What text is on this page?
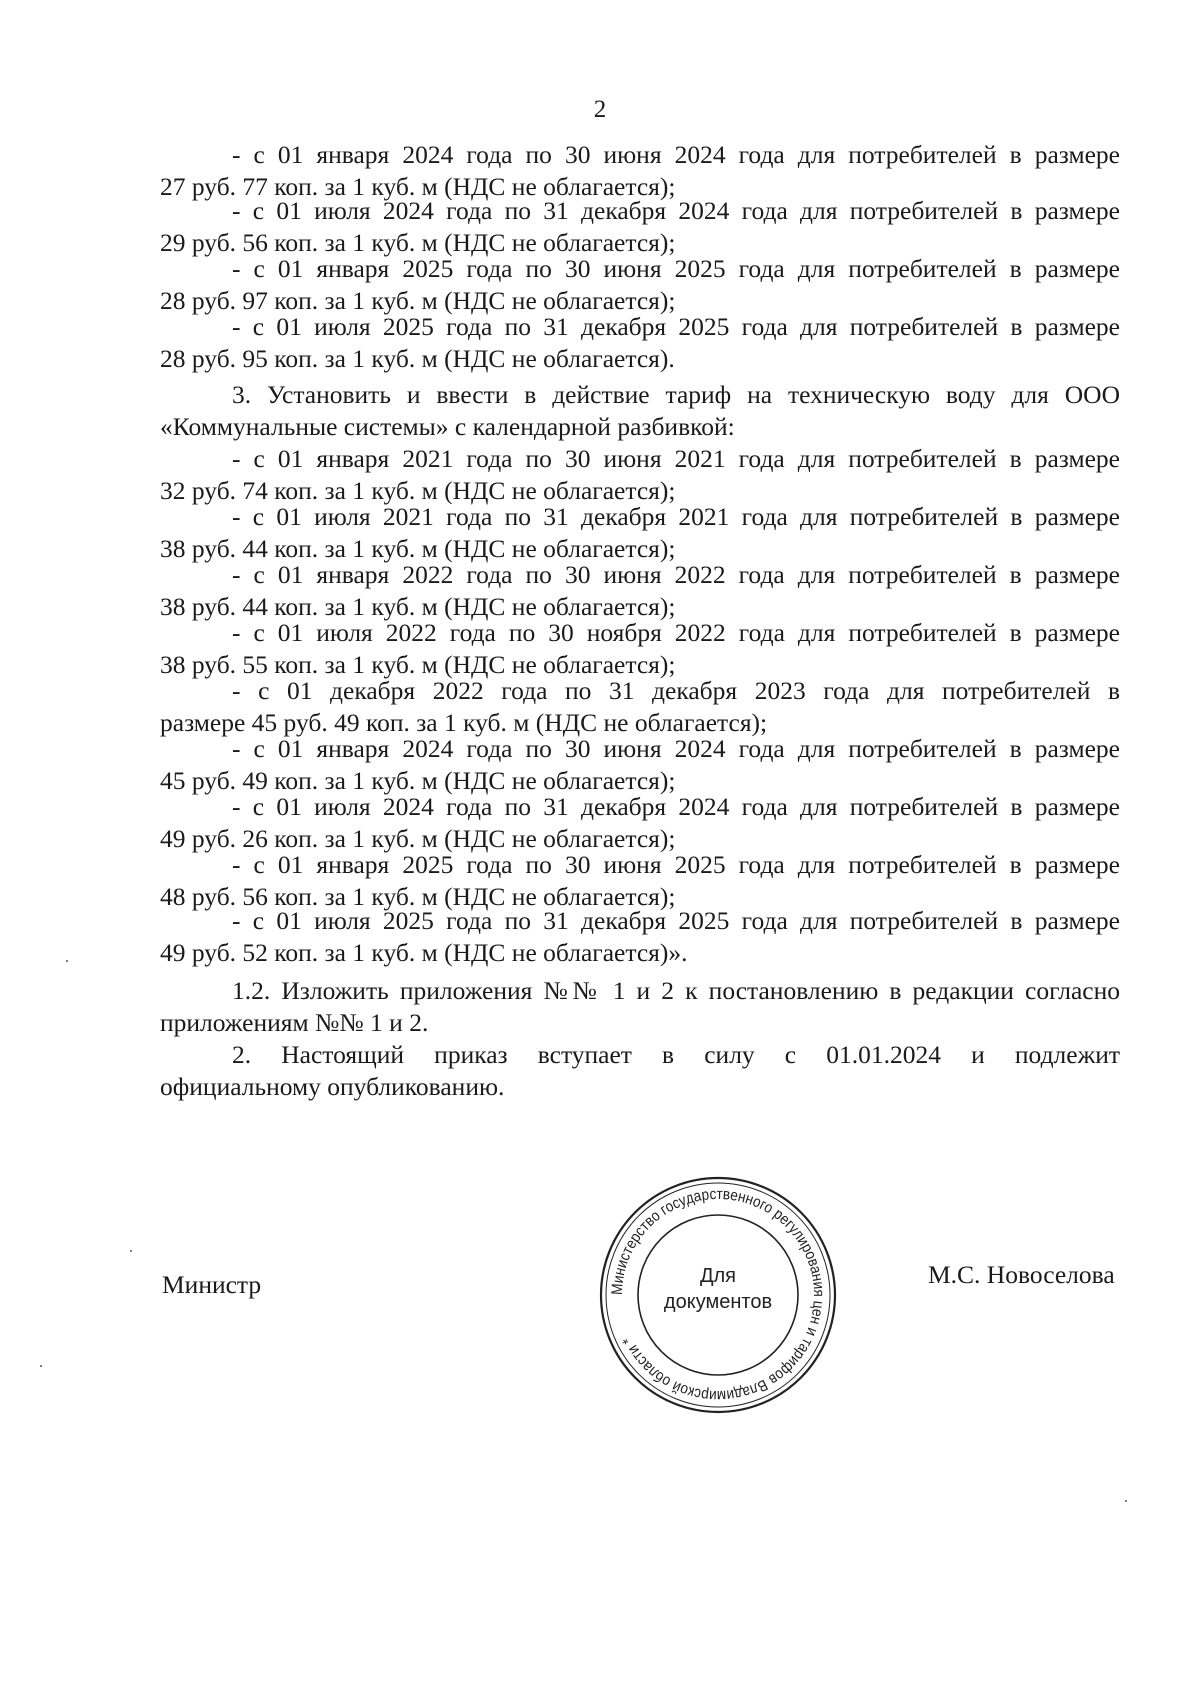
2
- с 01 января 2024 года по 30 июня 2024 года для потребителей в размере
27 руб. 77 коп. за 1 куб. м (НДС не облагается);
- с 01 июля 2024 года по 31 декабря 2024 года для потребителей в размере
29 руб. 56 коп. за 1 куб. м (НДС не облагается);
- с 01 января 2025 года по 30 июня 2025 года для потребителей в размере
28 руб. 97 коп. за 1 куб. м (НДС не облагается);
- с 01 июля 2025 года по 31 декабря 2025 года для потребителей в размере
28 руб. 95 коп. за 1 куб. м (НДС не облагается).
3. Установить и ввести в действие тариф на техническую воду для ООО
«Коммунальные системы» с календарной разбивкой:
- с 01 января 2021 года по 30 июня 2021 года для потребителей в размере
32 руб. 74 коп. за 1 куб. м (НДС не облагается);
- с 01 июля 2021 года по 31 декабря 2021 года для потребителей в размере
38 руб. 44 коп. за 1 куб. м (НДС не облагается);
- с 01 января 2022 года по 30 июня 2022 года для потребителей в размере
38 руб. 44 коп. за 1 куб. м (НДС не облагается);
- с 01 июля 2022 года по 30 ноября 2022 года для потребителей в размере
38 руб. 55 коп. за 1 куб. м (НДС не облагается);
- с 01 декабря 2022 года по 31 декабря 2023 года для потребителей в
размере 45 руб. 49 коп. за 1 куб. м (НДС не облагается);
- с 01 января 2024 года по 30 июня 2024 года для потребителей в размере
45 руб. 49 коп. за 1 куб. м (НДС не облагается);
- с 01 июля 2024 года по 31 декабря 2024 года для потребителей в размере
49 руб. 26 коп. за 1 куб. м (НДС не облагается);
- с 01 января 2025 года по 30 июня 2025 года для потребителей в размере
48 руб. 56 коп. за 1 куб. м (НДС не облагается);
- с 01 июля 2025 года по 31 декабря 2025 года для потребителей в размере
49 руб. 52 коп. за 1 куб. м (НДС не облагается)».
1.2. Изложить приложения №№ 1 и 2 к постановлению в редакции согласно
приложениям №№ 1 и 2.
2. Настоящий приказ вступает в силу с 01.01.2024 и подлежит
официальному опубликованию.
Министр	М.С. Новоселова
Министерство государственного регулирования цен и тарифов Владимирской области *
Для
документов
